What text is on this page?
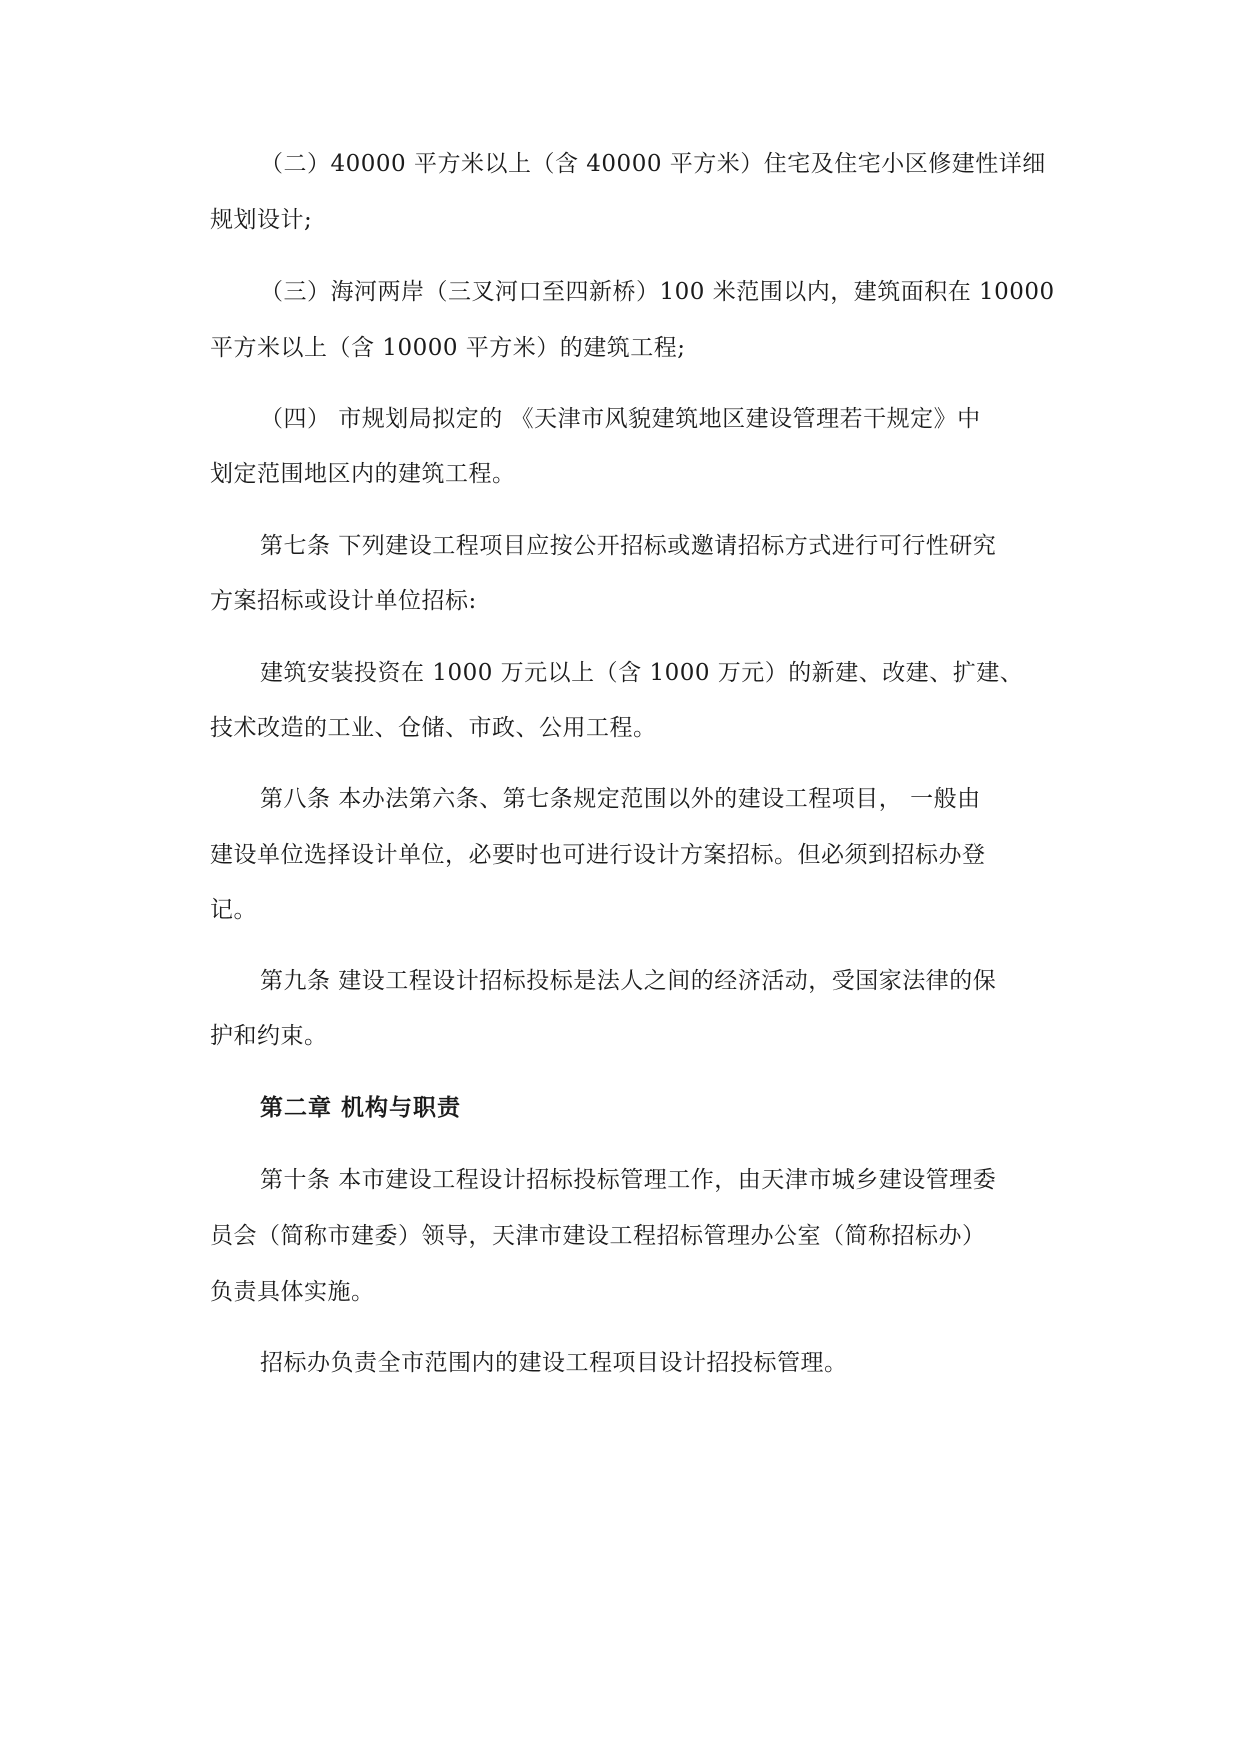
（二）40000 平方米以上（含 40000 平方米）住宅及住宅小区修建性详细
规划设计;
（三）海河两岸（三叉河口至四新桥）100 米范围以内，建筑面积在 10000
平方米以上（含 10000 平方米）的建筑工程;
（四） 市规划局拟定的 《天津市风貌建筑地区建设管理若干规定》中
划定范围地区内的建筑工程。
第七条 下列建设工程项目应按公开招标或邀请招标方式进行可行性研究
方案招标或设计单位招标:
建筑安装投资在 1000 万元以上（含 1000 万元）的新建、改建、扩建、
技术改造的工业、仓储、市政、公用工程。
第八条 本办法第六条、第七条规定范围以外的建设工程项目， 一般由
建设单位选择设计单位，必要时也可进行设计方案招标。但必须到招标办登
记。
第九条 建设工程设计招标投标是法人之间的经济活动，受国家法律的保
护和约束。
第二章 机构与职责
第十条 本市建设工程设计招标投标管理工作，由天津市城乡建设管理委
员会（简称市建委）领导，天津市建设工程招标管理办公室（简称招标办）
负责具体实施。
招标办负责全市范围内的建设工程项目设计招投标管理。
